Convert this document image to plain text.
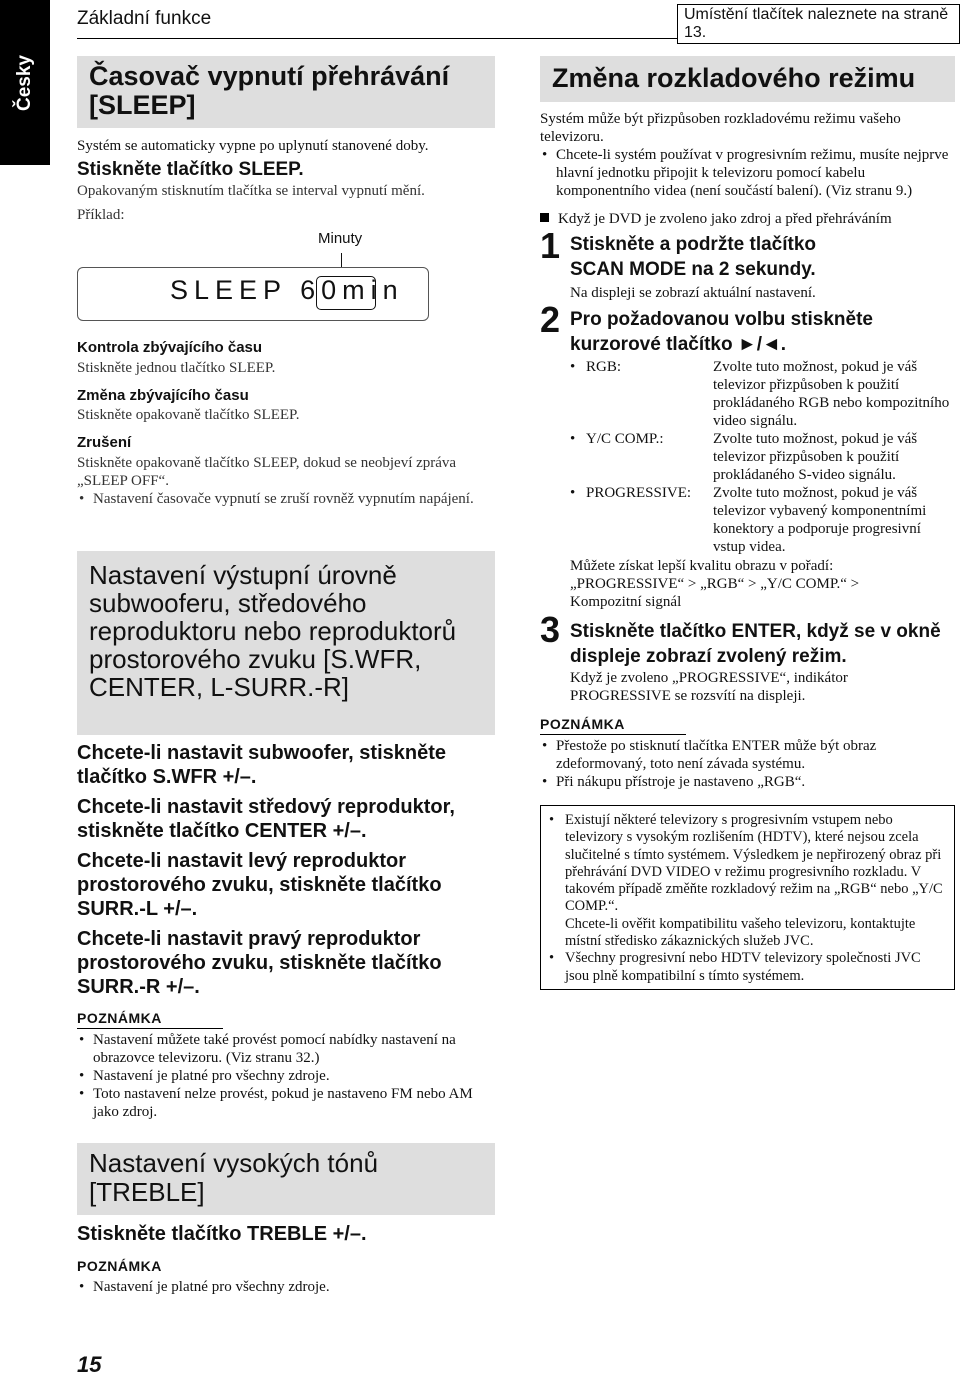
Česky
Základní funkce	Umístění tlačítek naleznete na straně 13.
Časovač vypnutí přehrávání [SLEEP]
Systém se automaticky vypne po uplynutí stanovené doby.
Stiskněte tlačítko SLEEP.
Opakovaným stisknutím tlačítka se interval vypnutí mění.
Příklad:
Minuty
SLEEP 60min
Kontrola zbývajícího času
Stiskněte jednou tlačítko SLEEP.
Změna zbývajícího času
Stiskněte opakovaně tlačítko SLEEP.
Zrušení
Stiskněte opakovaně tlačítko SLEEP, dokud se neobjeví zpráva „SLEEP OFF“.
• Nastavení časovače vypnutí se zruší rovněž vypnutím napájení.
Nastavení výstupní úrovně subwooferu, středového reproduktoru nebo reproduktorů prostorového zvuku [S.WFR, CENTER, L-SURR.-R]
Chcete-li nastavit subwoofer, stiskněte tlačítko S.WFR +/–.
Chcete-li nastavit středový reproduktor, stiskněte tlačítko CENTER +/–.
Chcete-li nastavit levý reproduktor prostorového zvuku, stiskněte tlačítko SURR.-L +/–.
Chcete-li nastavit pravý reproduktor prostorového zvuku, stiskněte tlačítko SURR.-R +/–.
POZNÁMKA
• Nastavení můžete také provést pomocí nabídky nastavení na obrazovce televizoru. (Viz stranu 32.)
• Nastavení je platné pro všechny zdroje.
• Toto nastavení nelze provést, pokud je nastaveno FM nebo AM jako zdroj.
Nastavení vysokých tónů [TREBLE]
Stiskněte tlačítko TREBLE +/–.
POZNÁMKA
• Nastavení je platné pro všechny zdroje.
Změna rozkladového režimu
Systém může být přizpůsoben rozkladovému režimu vašeho televizoru.
• Chcete-li systém používat v progresivním režimu, musíte nejprve hlavní jednotku připojit k televizoru pomocí kabelu komponentního videa (není součástí balení). (Viz stranu 9.)
Když je DVD je zvoleno jako zdroj a před přehráváním
1 Stiskněte a podržte tlačítko SCAN MODE na 2 sekundy.
Na displeji se zobrazí aktuální nastavení.
2 Pro požadovanou volbu stiskněte kurzorové tlačítko ►/◄.
• RGB:	Zvolte tuto možnost, pokud je váš televizor přizpůsoben k použití prokládaného RGB nebo kompozitního video signálu.
• Y/C COMP.:	Zvolte tuto možnost, pokud je váš televizor přizpůsoben k použití prokládaného S-video signálu.
• PROGRESSIVE:	Zvolte tuto možnost, pokud je váš televizor vybavený komponentními konektory a podporuje progresivní vstup videa.
Můžete získat lepší kvalitu obrazu v pořadí: „PROGRESSIVE“ > „RGB“ > „Y/C COMP.“ > Kompozitní signál
3 Stiskněte tlačítko ENTER, když se v okně displeje zobrazí zvolený režim.
Když je zvoleno „PROGRESSIVE“, indikátor PROGRESSIVE se rozsvítí na displeji.
POZNÁMKA
• Přestože po stisknutí tlačítka ENTER může být obraz zdeformovaný, toto není závada systému.
• Při nákupu přístroje je nastaveno „RGB“.
• Existují některé televizory s progresivním vstupem nebo televizory s vysokým rozlišením (HDTV), které nejsou zcela slučitelné s tímto systémem. Výsledkem je nepřirozený obraz při přehrávání DVD VIDEO v režimu progresivního rozkladu. V takovém případě změňte rozkladový režim na „RGB“ nebo „Y/C COMP.“.
Chcete-li ověřit kompatibilitu vašeho televizoru, kontaktujte místní středisko zákaznických služeb JVC.
• Všechny progresivní nebo HDTV televizory společnosti JVC jsou plně kompatibilní s tímto systémem.
15
